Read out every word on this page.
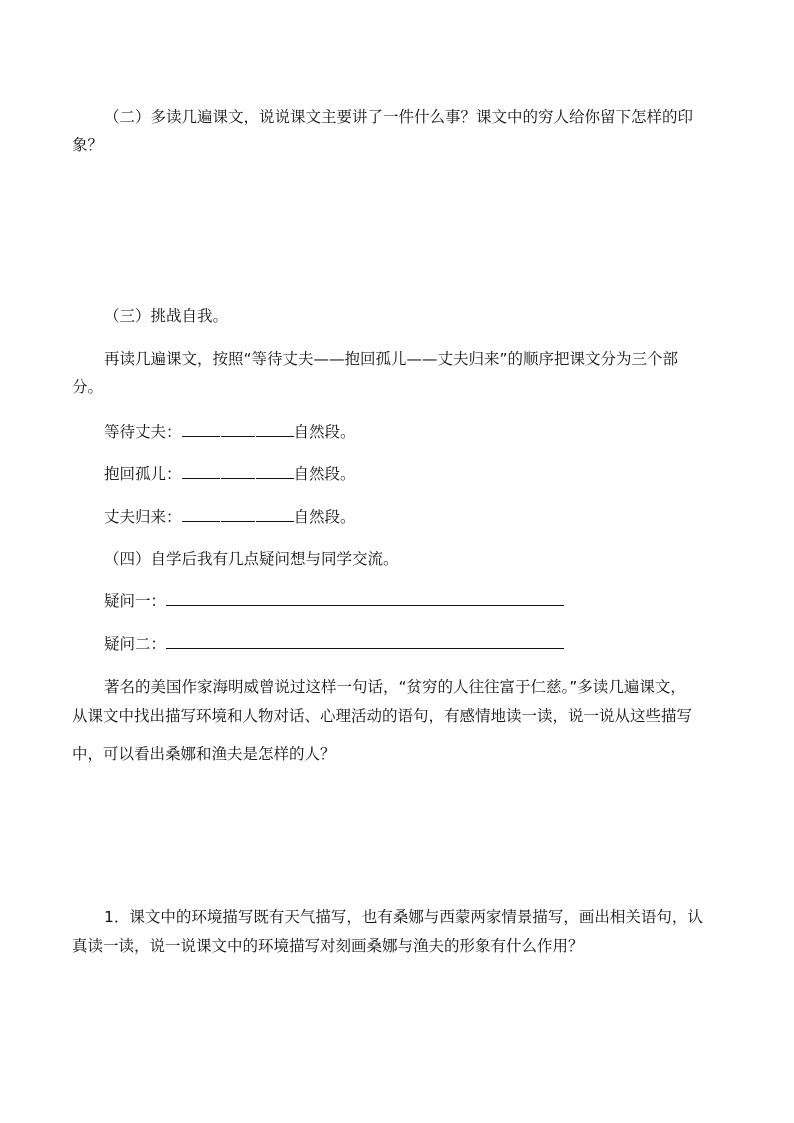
（二）多读几遍课文，说说课文主要讲了一件什么事？课文中的穷人给你留下怎样的印
象？
（三）挑战自我。
再读几遍课文，按照“等待丈夫——抱回孤儿——丈夫归来”的顺序把课文分为三个部
分。
等待丈夫：	自然段。
抱回孤儿：	自然段。
丈夫归来：	自然段。
（四）自学后我有几点疑问想与同学交流。
疑问一：
疑问二：
著名的美国作家海明威曾说过这样一句话，“贫穷的人往往富于仁慈。”多读几遍课文，
从课文中找出描写环境和人物对话、心理活动的语句，有感情地读一读，说一说从这些描写
中，可以看出桑娜和渔夫是怎样的人？
1．课文中的环境描写既有天气描写，也有桑娜与西蒙两家情景描写，画出相关语句，认
真读一读，说一说课文中的环境描写对刻画桑娜与渔夫的形象有什么作用？
